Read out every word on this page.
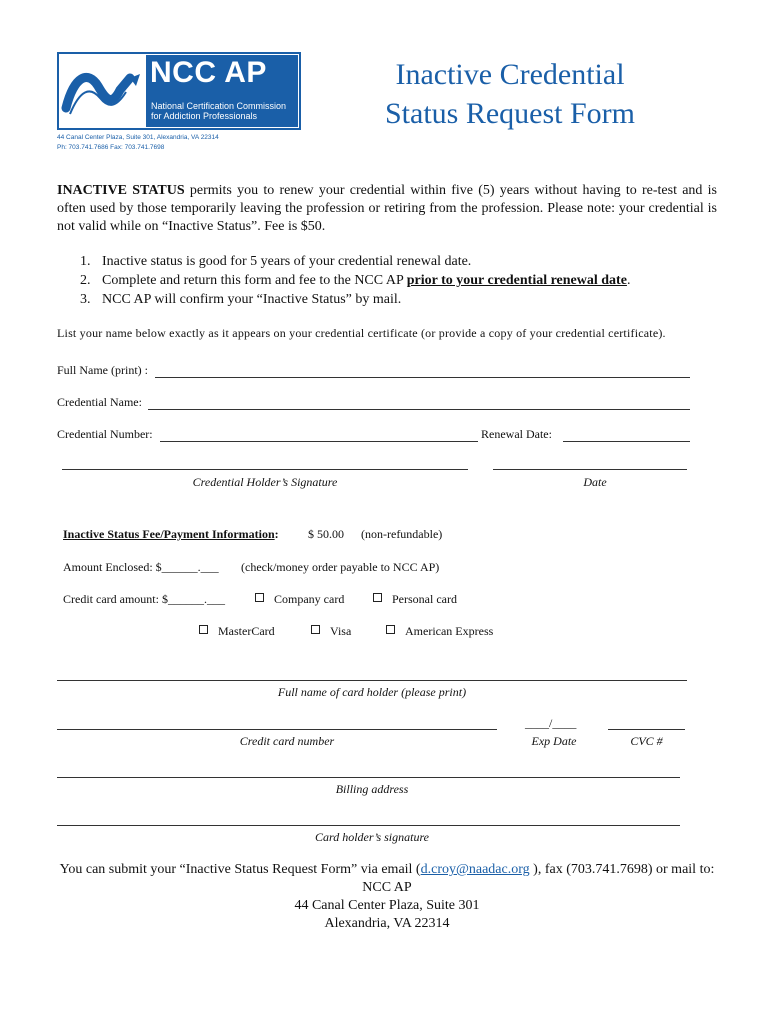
NCC AP
National Certification Commission
for Addiction Professionals
44 Canal Center Plaza, Suite 301, Alexandria, VA 22314
Ph: 703.741.7686 Fax: 703.741.7698
Inactive Credential
Status Request Form
INACTIVE STATUS permits you to renew your credential within five (5) years without having to re-test and is often used by those temporarily leaving the profession or retiring from the profession. Please note: your credential is not valid while on “Inactive Status”. Fee is $50.
1. Inactive status is good for 5 years of your credential renewal date.
2. Complete and return this form and fee to the NCC AP prior to your credential renewal date.
3. NCC AP will confirm your “Inactive Status” by mail.
List your name below exactly as it appears on your credential certificate (or provide a copy of your credential certificate).
Full Name (print) :
Credential Name:
Credential Number:	Renewal Date:
Credential Holder’s Signature	Date
Inactive Status Fee/Payment Information: $ 50.00 (non-refundable)
Amount Enclosed: $______.___ (check/money order payable to NCC AP)
Credit card amount: $______.___	Company card	Personal card
MasterCard	Visa	American Express
Full name of card holder (please print)
Credit card number
____/____
Exp Date	CVC #
Billing address
Card holder’s signature
You can submit your “Inactive Status Request Form” via email (d.croy@naadac.org ), fax (703.741.7698) or mail to:
NCC AP
44 Canal Center Plaza, Suite 301
Alexandria, VA 22314
